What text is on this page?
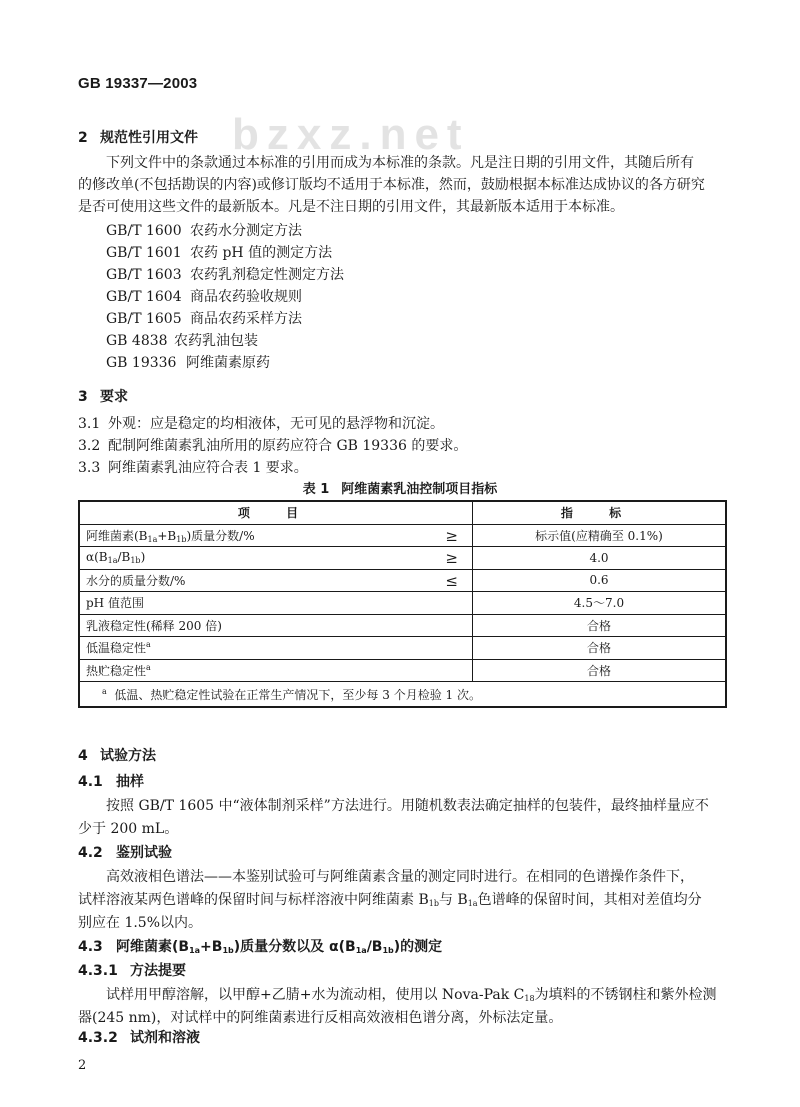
bzxz.net
GB 19337—2003
2 规范性引用文件
下列文件中的条款通过本标准的引用而成为本标准的条款。凡是注日期的引用文件，其随后所有
的修改单(不包括勘误的内容)或修订版均不适用于本标准，然而，鼓励根据本标准达成协议的各方研究
是否可使用这些文件的最新版本。凡是不注日期的引用文件，其最新版本适用于本标准。
GB/T 1600 农药水分测定方法
GB/T 1601 农药 pH 值的测定方法
GB/T 1603 农药乳剂稳定性测定方法
GB/T 1604 商品农药验收规则
GB/T 1605 商品农药采样方法
GB 4838 农药乳油包装
GB 19336 阿维菌素原药
3 要求
3.1 外观：应是稳定的均相液体，无可见的悬浮物和沉淀。
3.2 配制阿维菌素乳油所用的原药应符合 GB 19336 的要求。
3.3 阿维菌素乳油应符合表 1 要求。
表 1 阿维菌素乳油控制项目指标
项 目	指 标
阿维菌素$(B_{1a}+B_{1b})$质量分数/% ≥	标示值(应精确至 0.1%)
$\alpha(B_{1a}/B_{1b})$ ≥	4.0
水分的质量分数/% ≤	0.6
pH 值范围	4.5～7.0
乳液稳定性(稀释 200 倍)	合格
低温稳定性$^a$	合格
热贮稳定性$^a$	合格
$^a$ 低温、热贮稳定性试验在正常生产情况下，至少每 3 个月检验 1 次。	
4 试验方法
4.1 抽样
按照 GB/T 1605 中“液体制剂采样”方法进行。用随机数表法确定抽样的包装件，最终抽样量应不
少于 200 mL。
4.2 鉴别试验
高效液相色谱法——本鉴别试验可与阿维菌素含量的测定同时进行。在相同的色谱操作条件下，
试样溶液某两色谱峰的保留时间与标样溶液中阿维菌素 $B_{1b}$与 $B_{1a}$色谱峰的保留时间，其相对差值均分
别应在 1.5%以内。
4.3 阿维菌素$(B_{1a}+B_{1b})$质量分数以及 $\alpha(B_{1a}/B_{1b})$的测定
4.3.1 方法提要
试样用甲醇溶解，以甲醇+乙腈+水为流动相，使用以 Nova-Pak $C_{18}$为填料的不锈钢柱和紫外检测
器(245 nm)，对试样中的阿维菌素进行反相高效液相色谱分离，外标法定量。
4.3.2 试剂和溶液
2
